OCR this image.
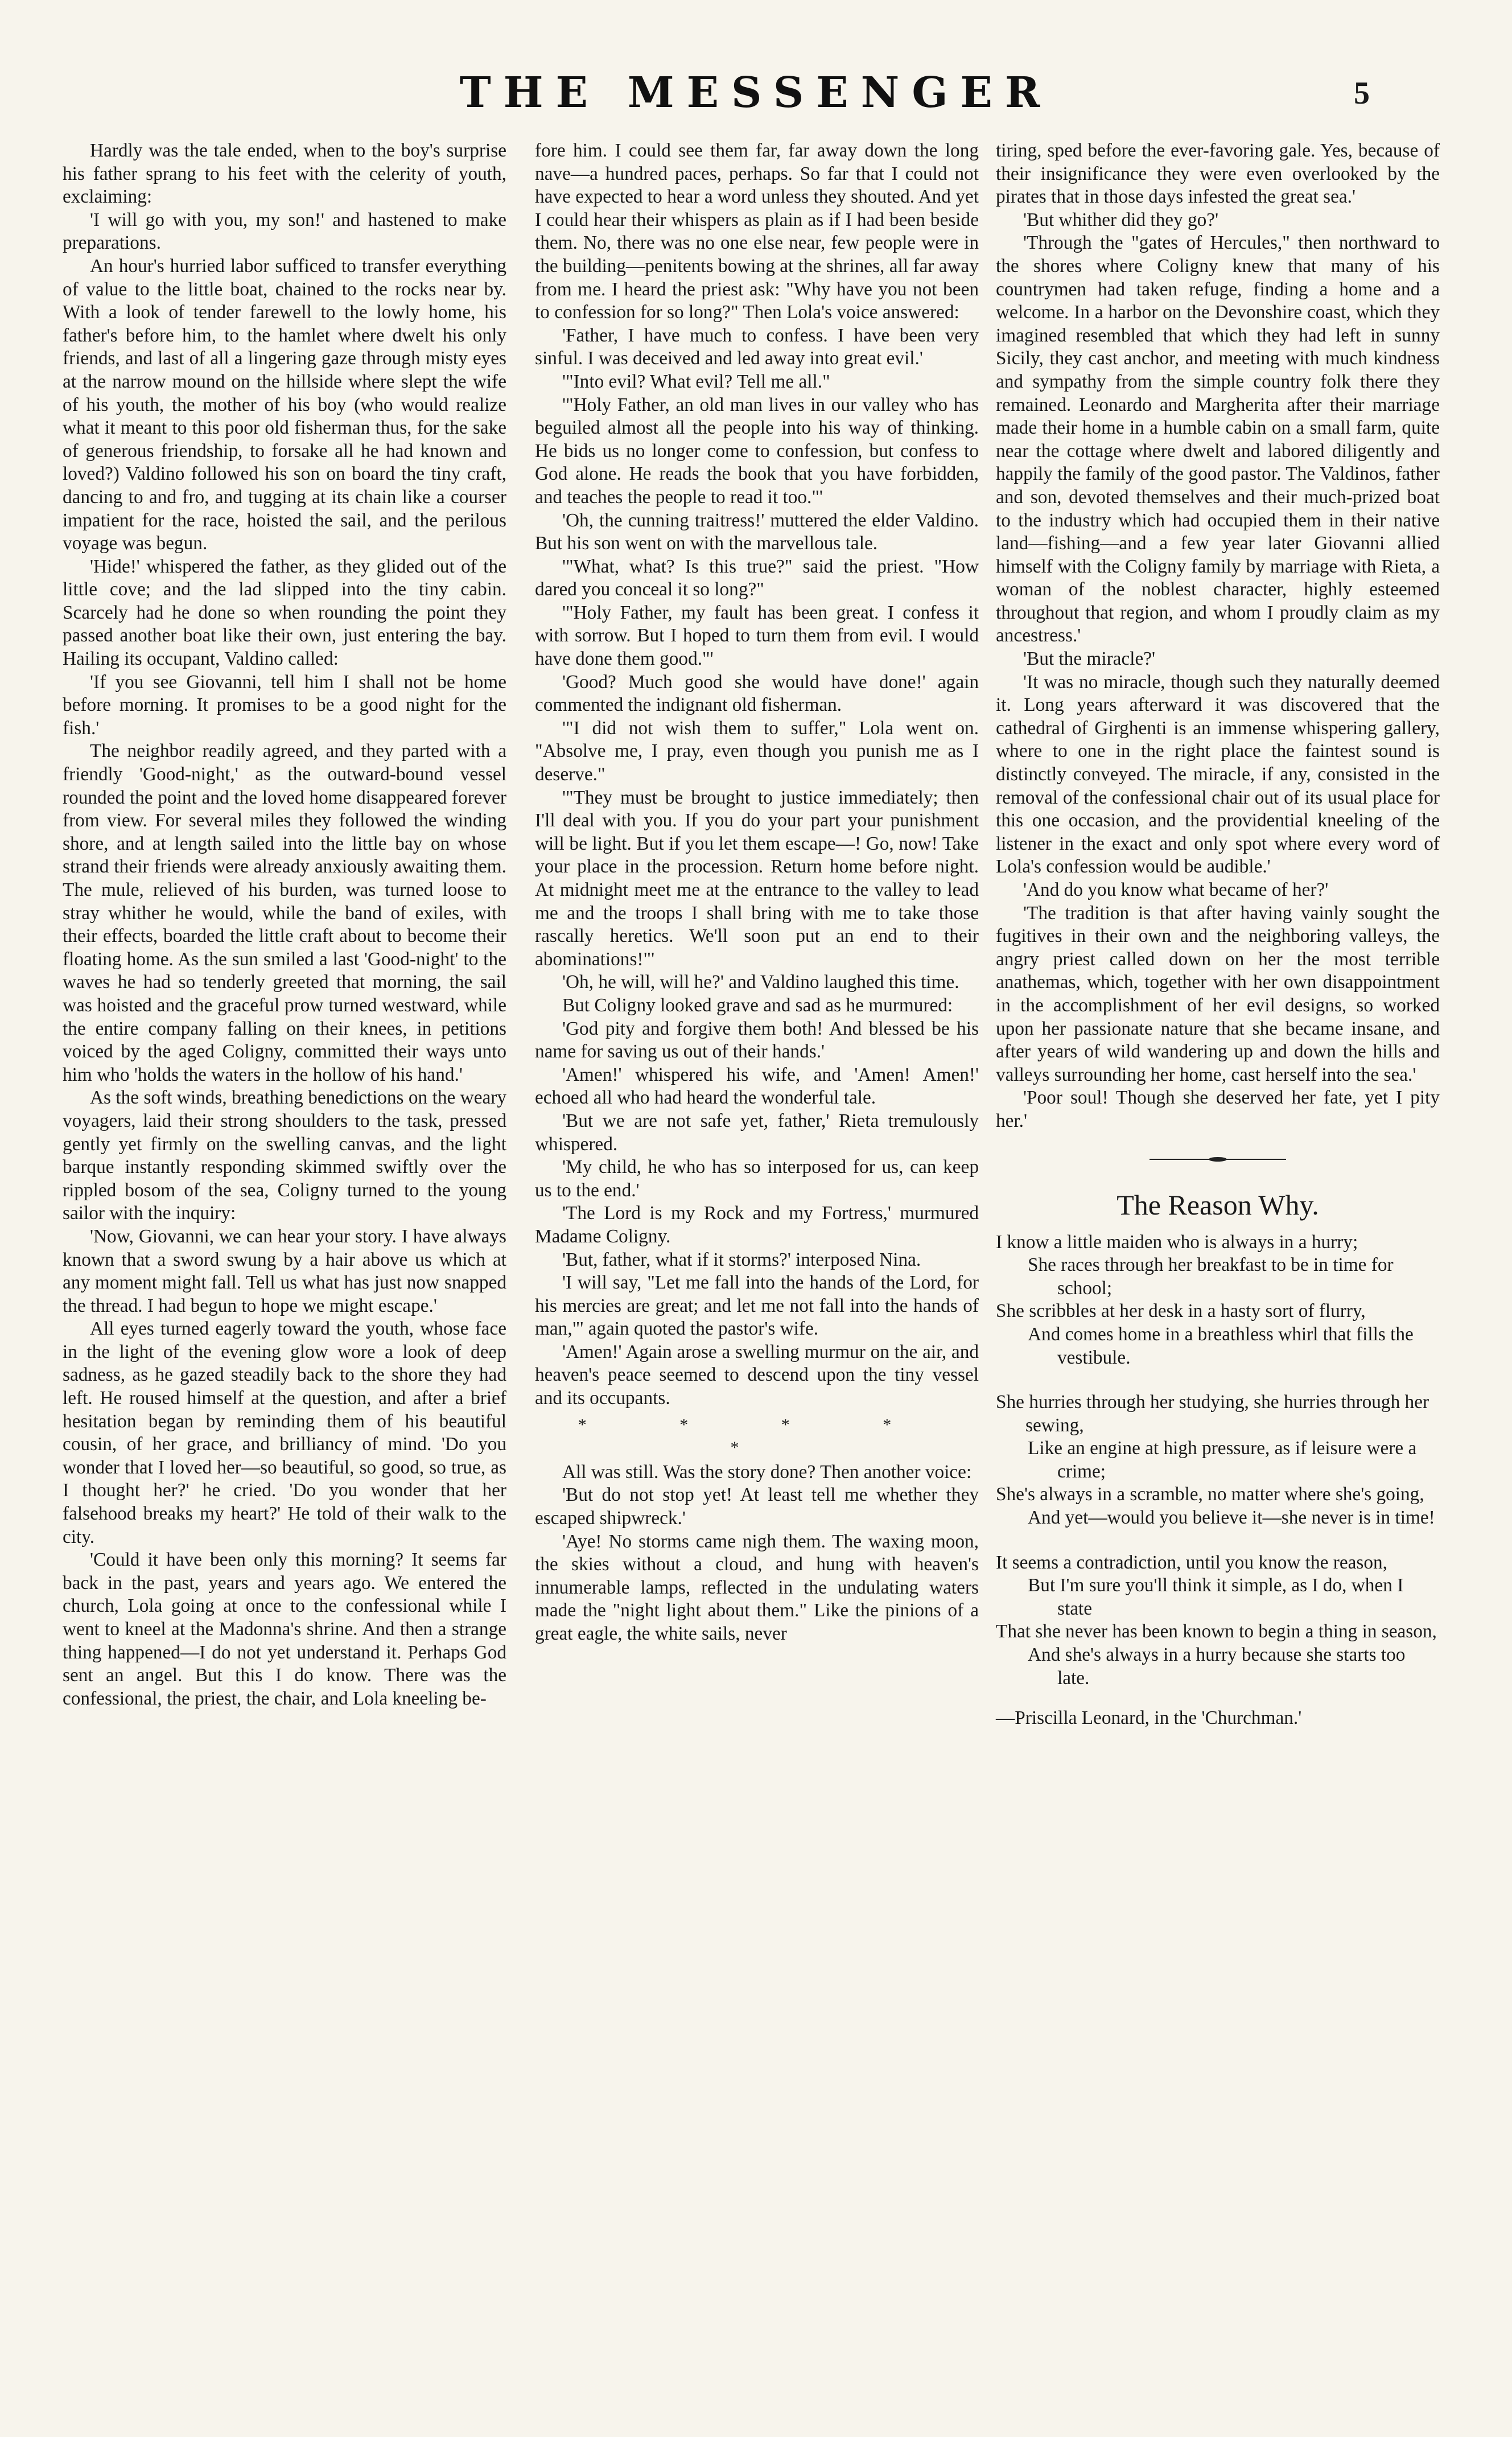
THE MESSENGER	5

Hardly was the tale ended, when to the boy's surprise his father sprang to his feet with the celerity of youth, exclaiming:

'I will go with you, my son!' and hastened to make preparations.

An hour's hurried labor sufficed to transfer everything of value to the little boat, chained to the rocks near by. With a look of tender farewell to the lowly home, his father's before him, to the hamlet where dwelt his only friends, and last of all a lingering gaze through misty eyes at the narrow mound on the hillside where slept the wife of his youth, the mother of his boy (who would realize what it meant to this poor old fisherman thus, for the sake of generous friendship, to forsake all he had known and loved?) Valdino followed his son on board the tiny craft, dancing to and fro, and tugging at its chain like a courser impatient for the race, hoisted the sail, and the perilous voyage was begun.

'Hide!' whispered the father, as they glided out of the little cove; and the lad slipped into the tiny cabin. Scarcely had he done so when rounding the point they passed another boat like their own, just entering the bay. Hailing its occupant, Valdino called:

'If you see Giovanni, tell him I shall not be home before morning. It promises to be a good night for the fish.'

The neighbor readily agreed, and they parted with a friendly 'Good-night,' as the outward-bound vessel rounded the point and the loved home disappeared forever from view. For several miles they followed the winding shore, and at length sailed into the little bay on whose strand their friends were already anxiously awaiting them. The mule, relieved of his burden, was turned loose to stray whither he would, while the band of exiles, with their effects, boarded the little craft about to become their floating home. As the sun smiled a last 'Good-night' to the waves he had so tenderly greeted that morning, the sail was hoisted and the graceful prow turned westward, while the entire company falling on their knees, in petitions voiced by the aged Coligny, committed their ways unto him who 'holds the waters in the hollow of his hand.'

As the soft winds, breathing benedictions on the weary voyagers, laid their strong shoulders to the task, pressed gently yet firmly on the swelling canvas, and the light barque instantly responding skimmed swiftly over the rippled bosom of the sea, Coligny turned to the young sailor with the inquiry:

'Now, Giovanni, we can hear your story. I have always known that a sword swung by a hair above us which at any moment might fall. Tell us what has just now snapped the thread. I had begun to hope we might escape.'

All eyes turned eagerly toward the youth, whose face in the light of the evening glow wore a look of deep sadness, as he gazed steadily back to the shore they had left. He roused himself at the question, and after a brief hesitation began by reminding them of his beautiful cousin, of her grace, and brilliancy of mind. 'Do you wonder that I loved her—so beautiful, so good, so true, as I thought her?' he cried. 'Do you wonder that her falsehood breaks my heart?' He told of their walk to the city.

'Could it have been only this morning? It seems far back in the past, years and years ago. We entered the church, Lola going at once to the confessional while I went to kneel at the Madonna's shrine. And then a strange thing happened—I do not yet understand it. Perhaps God sent an angel. But this I do know. There was the confessional, the priest, the chair, and Lola kneeling be-

fore him. I could see them far, far away down the long nave—a hundred paces, perhaps. So far that I could not have expected to hear a word unless they shouted. And yet I could hear their whispers as plain as if I had been beside them. No, there was no one else near, few people were in the building—penitents bowing at the shrines, all far away from me. I heard the priest ask: "Why have you not been to confession for so long?" Then Lola's voice answered:

'Father, I have much to confess. I have been very sinful. I was deceived and led away into great evil.'

'"Into evil? What evil? Tell me all."

'"Holy Father, an old man lives in our valley who has beguiled almost all the people into his way of thinking. He bids us no longer come to confession, but confess to God alone. He reads the book that you have forbidden, and teaches the people to read it too."'

'Oh, the cunning traitress!' muttered the elder Valdino. But his son went on with the marvellous tale.

'"What, what? Is this true?" said the priest. "How dared you conceal it so long?"

'"Holy Father, my fault has been great. I confess it with sorrow. But I hoped to turn them from evil. I would have done them good."'

'Good? Much good she would have done!' again commented the indignant old fisherman.

'"I did not wish them to suffer," Lola went on. "Absolve me, I pray, even though you punish me as I deserve."

'"They must be brought to justice immediately; then I'll deal with you. If you do your part your punishment will be light. But if you let them escape—! Go, now! Take your place in the procession. Return home before night. At midnight meet me at the entrance to the valley to lead me and the troops I shall bring with me to take those rascally heretics. We'll soon put an end to their abominations!"'

'Oh, he will, will he?' and Valdino laughed this time.

But Coligny looked grave and sad as he murmured:

'God pity and forgive them both! And blessed be his name for saving us out of their hands.'

'Amen!' whispered his wife, and 'Amen! Amen!' echoed all who had heard the wonderful tale.

'But we are not safe yet, father,' Rieta tremulously whispered.

'My child, he who has so interposed for us, can keep us to the end.'

'The Lord is my Rock and my Fortress,' murmured Madame Coligny.

'But, father, what if it storms?' interposed Nina.

'I will say, "Let me fall into the hands of the Lord, for his mercies are great; and let me not fall into the hands of man,"' again quoted the pastor's wife.

'Amen!' Again arose a swelling murmur on the air, and heaven's peace seemed to descend upon the tiny vessel and its occupants.

* * * * *

All was still. Was the story done? Then another voice:

'But do not stop yet! At least tell me whether they escaped shipwreck.'

'Aye! No storms came nigh them. The waxing moon, the skies without a cloud, and hung with heaven's innumerable lamps, reflected in the undulating waters made the "night light about them." Like the pinions of a great eagle, the white sails, never

tiring, sped before the ever-favoring gale. Yes, because of their insignificance they were even overlooked by the pirates that in those days infested the great sea.'

'But whither did they go?'

'Through the "gates of Hercules," then northward to the shores where Coligny knew that many of his countrymen had taken refuge, finding a home and a welcome. In a harbor on the Devonshire coast, which they imagined resembled that which they had left in sunny Sicily, they cast anchor, and meeting with much kindness and sympathy from the simple country folk there they remained. Leonardo and Margherita after their marriage made their home in a humble cabin on a small farm, quite near the cottage where dwelt and labored diligently and happily the family of the good pastor. The Valdinos, father and son, devoted themselves and their much-prized boat to the industry which had occupied them in their native land—fishing—and a few year later Giovanni allied himself with the Coligny family by marriage with Rieta, a woman of the noblest character, highly esteemed throughout that region, and whom I proudly claim as my ancestress.'

'But the miracle?'

'It was no miracle, though such they naturally deemed it. Long years afterward it was discovered that the cathedral of Girghenti is an immense whispering gallery, where to one in the right place the faintest sound is distinctly conveyed. The miracle, if any, consisted in the removal of the confessional chair out of its usual place for this one occasion, and the providential kneeling of the listener in the exact and only spot where every word of Lola's confession would be audible.'

'And do you know what became of her?'

'The tradition is that after having vainly sought the fugitives in their own and the neighboring valleys, the angry priest called down on her the most terrible anathemas, which, together with her own disappointment in the accomplishment of her evil designs, so worked upon her passionate nature that she became insane, and after years of wild wandering up and down the hills and valleys surrounding her home, cast herself into the sea.'

'Poor soul! Though she deserved her fate, yet I pity her.'

The Reason Why.
I know a little maiden who is always in a hurry;
She races through her breakfast to be in time for school;
She scribbles at her desk in a hasty sort of flurry,
And comes home in a breathless whirl that fills the vestibule.
She hurries through her studying, she hurries through her sewing,
Like an engine at high pressure, as if leisure were a crime;
She's always in a scramble, no matter where she's going,
And yet—would you believe it—she never is in time!
It seems a contradiction, until you know the reason,
But I'm sure you'll think it simple, as I do, when I state
That she never has been known to begin a thing in season,
And she's always in a hurry because she starts too late.
—Priscilla Leonard, in the 'Churchman.'
